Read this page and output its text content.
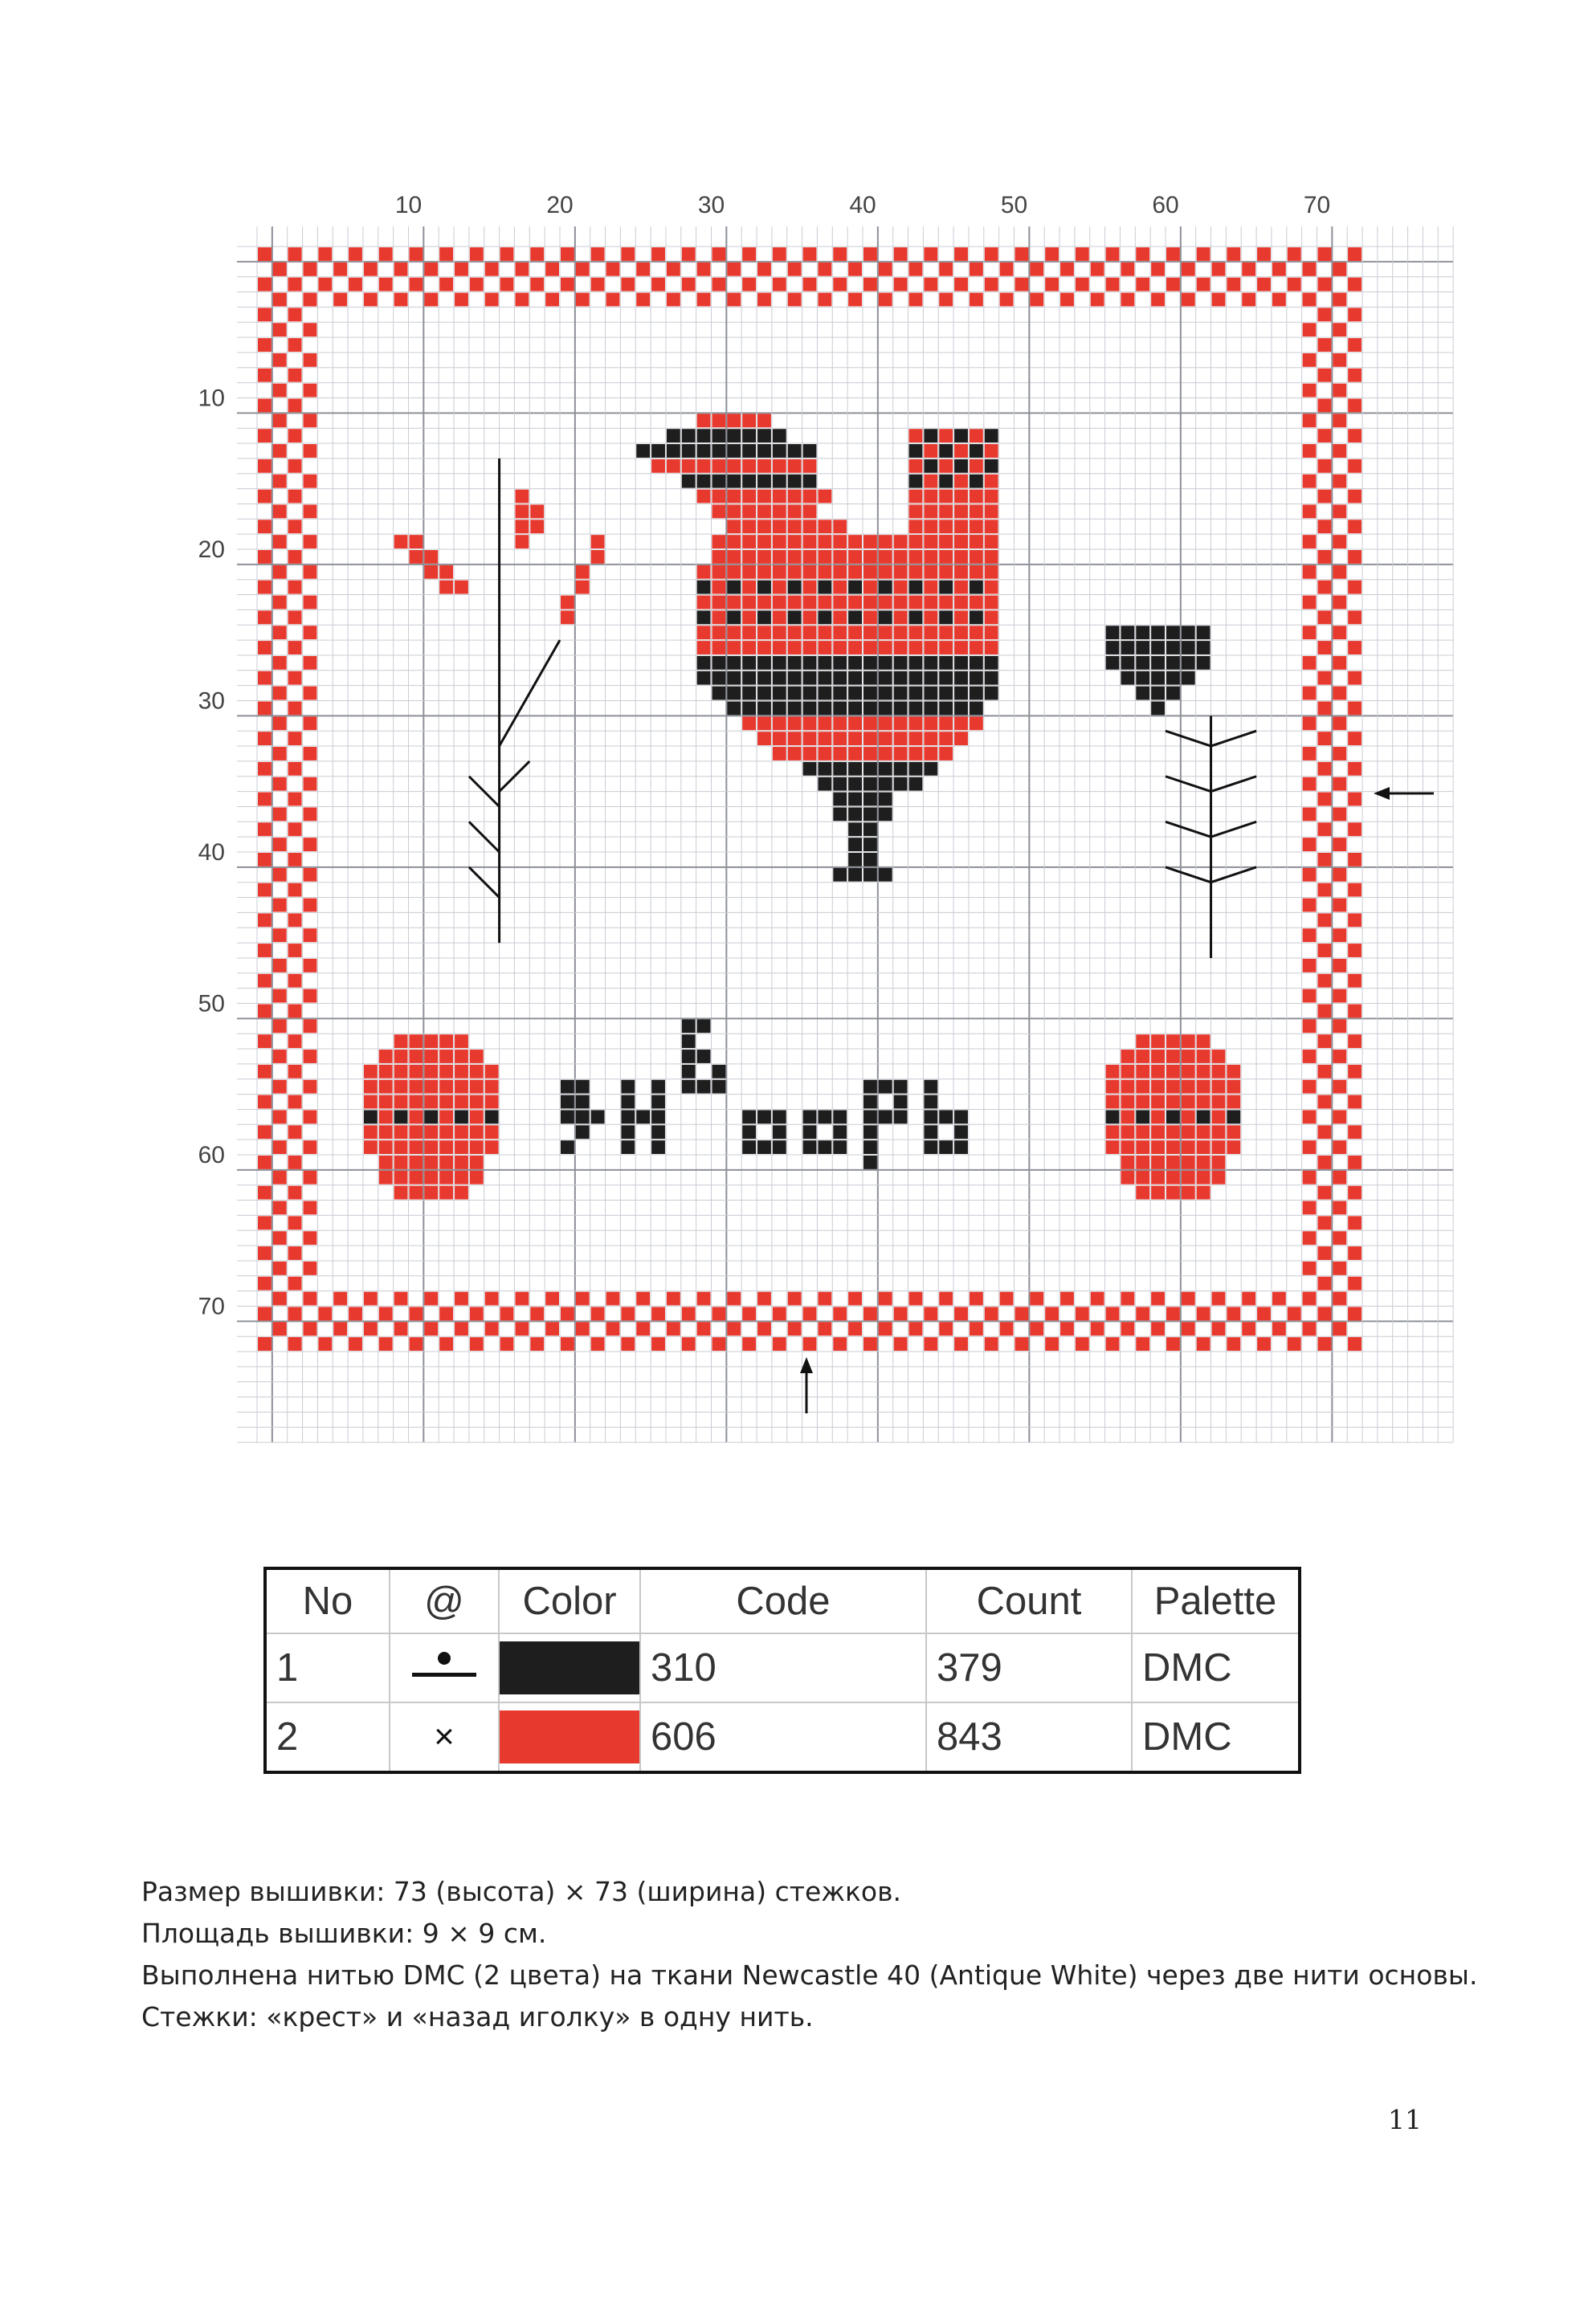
10	20	30	40	50	60	70
10
20
30
40
50
60
70
No	@	Color	Code	Count	Palette
1			310	379	DMC
2	×		606	843	DMC

Размер вышивки: 73 (высота) × 73 (ширина) стежков.

Площадь вышивки: 9 × 9 см.

Выполнена нитью DMC (2 цвета) на ткани Newcastle 40 (Antique White) через две нити основы.

Стежки: «крест» и «назад иголку» в одну нить.

11
